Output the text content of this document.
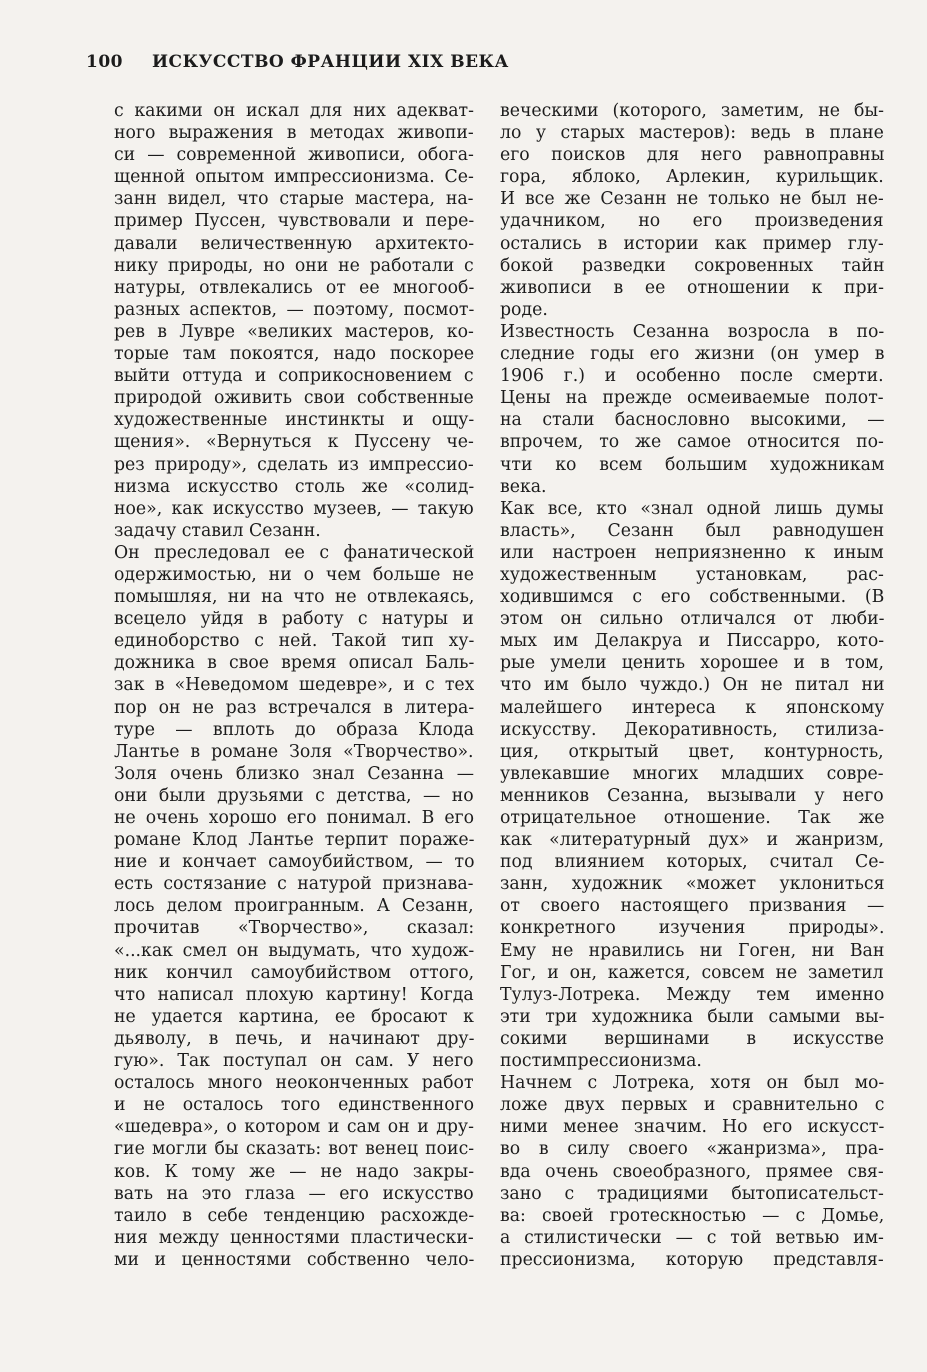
100	ИСКУССТВО ФРАНЦИИ XIX ВЕКА
с какими он искал для них адекват-
ного выражения в методах живопи-
си — современной живописи, обога-
щенной опытом импрессионизма. Се-
занн видел, что старые мастера, на-
пример Пуссен, чувствовали и пере-
давали величественную архитекто-
нику природы, но они не работали с
натуры, отвлекались от ее многооб-
разных аспектов, — поэтому, посмот-
рев в Лувре «великих мастеров, ко-
торые там покоятся, надо поскорее
выйти оттуда и соприкосновением с
природой оживить свои собственные
художественные инстинкты и ощу-
щения». «Вернуться к Пуссену че-
рез природу», сделать из импрессио-
низма искусство столь же «солид-
ное», как искусство музеев, — такую
задачу ставил Сезанн.
Он преследовал ее с фанатической
одержимостью, ни о чем больше не
помышляя, ни на что не отвлекаясь,
всецело уйдя в работу с натуры и
единоборство с ней. Такой тип ху-
дожника в свое время описал Баль-
зак в «Неведомом шедевре», и с тех
пор он не раз встречался в литера-
туре — вплоть до образа Клода
Лантье в романе Золя «Творчество».
Золя очень близко знал Сезанна —
они были друзьями с детства, — но
не очень хорошо его понимал. В его
романе Клод Лантье терпит пораже-
ние и кончает самоубийством, — то
есть состязание с натурой признава-
лось делом проигранным. А Сезанн,
прочитав «Творчество», сказал:
«...как смел он выдумать, что худож-
ник кончил самоубийством оттого,
что написал плохую картину! Когда
не удается картина, ее бросают к
дьяволу, в печь, и начинают дру-
гую». Так поступал он сам. У него
осталось много неоконченных работ
и не осталось того единственного
«шедевра», о котором и сам он и дру-
гие могли бы сказать: вот венец поис-
ков. К тому же — не надо закры-
вать на это глаза — его искусство
таило в себе тенденцию расхожде-
ния между ценностями пластически-
ми и ценностями собственно чело-
веческими (которого, заметим, не бы-
ло у старых мастеров): ведь в плане
его поисков для него равноправны
гора, яблоко, Арлекин, курильщик.
И все же Сезанн не только не был не-
удачником, но его произведения
остались в истории как пример глу-
бокой разведки сокровенных тайн
живописи в ее отношении к при-
роде.
Известность Сезанна возросла в по-
следние годы его жизни (он умер в
1906 г.) и особенно после смерти.
Цены на прежде осмеиваемые полот-
на стали баснословно высокими, —
впрочем, то же самое относится по-
чти ко всем большим художникам
века.
Как все, кто «знал одной лишь думы
власть», Сезанн был равнодушен
или настроен неприязненно к иным
художественным установкам, рас-
ходившимся с его собственными. (В
этом он сильно отличался от люби-
мых им Делакруа и Писсарро, кото-
рые умели ценить хорошее и в том,
что им было чуждо.) Он не питал ни
малейшего интереса к японскому
искусству. Декоративность, стилиза-
ция, открытый цвет, контурность,
увлекавшие многих младших совре-
менников Сезанна, вызывали у него
отрицательное отношение. Так же
как «литературный дух» и жанризм,
под влиянием которых, считал Се-
занн, художник «может уклониться
от своего настоящего призвания —
конкретного изучения природы».
Ему не нравились ни Гоген, ни Ван
Гог, и он, кажется, совсем не заметил
Тулуз-Лотрека. Между тем именно
эти три художника были самыми вы-
сокими вершинами в искусстве
постимпрессионизма.
Начнем с Лотрека, хотя он был мо-
ложе двух первых и сравнительно с
ними менее значим. Но его искусст-
во в силу своего «жанризма», пра-
вда очень своеобразного, прямее свя-
зано с традициями бытописательст-
ва: своей гротескностью — с Домье,
а стилистически — с той ветвью им-
прессионизма, которую представля-
